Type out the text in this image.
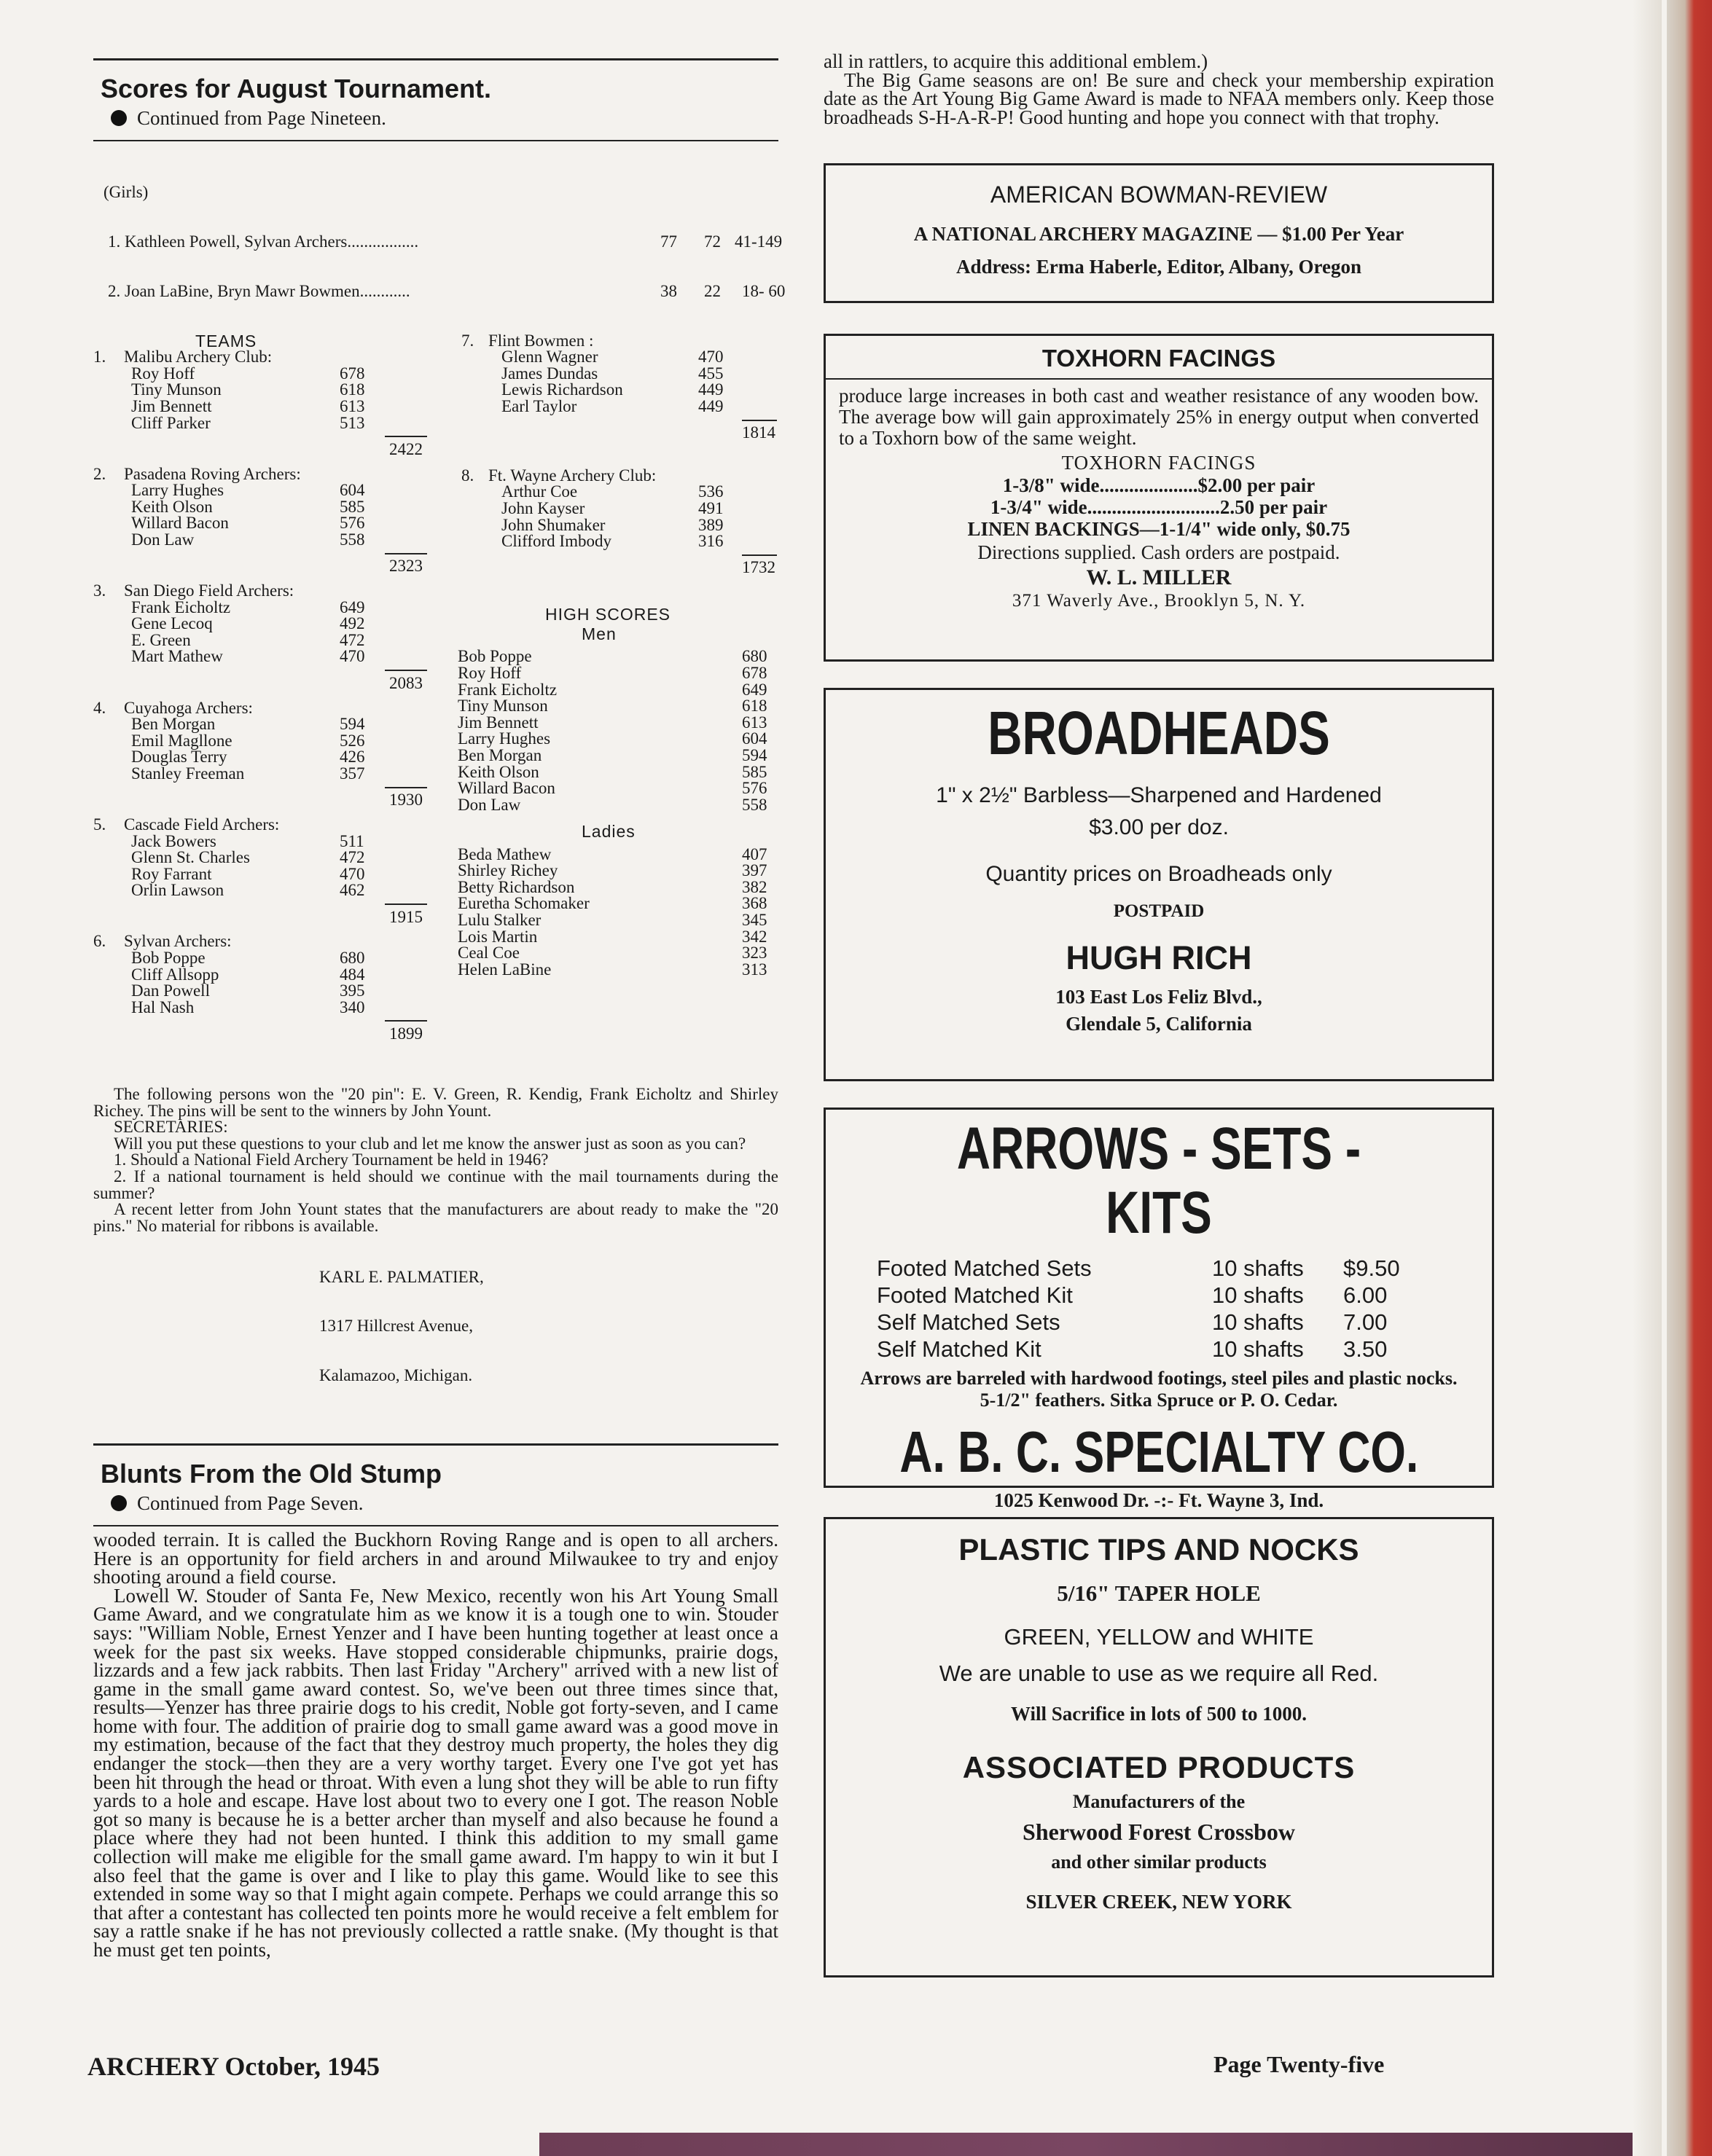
Scores for August Tournament.
Continued from Page Nineteen.

(Girls)

1. Kathleen Powell, Sylvan Archers.................	77 72 41-149

2. Joan LaBine, Bryn Mawr Bowmen............	38 22 18- 60

TEAMS
1. Malibu Archery Club:
Roy Hoff	678
Tiny Munson	618
Jim Bennett	613
Cliff Parker	513
2422
2. Pasadena Roving Archers:
Larry Hughes	604
Keith Olson	585
Willard Bacon	576
Don Law	558
2323
3. San Diego Field Archers:
Frank Eicholtz	649
Gene Lecoq	492
E. Green	472
Mart Mathew	470
2083
4. Cuyahoga Archers:
Ben Morgan	594
Emil Magllone	526
Douglas Terry	426
Stanley Freeman	357
1930
5. Cascade Field Archers:
Jack Bowers	511
Glenn St. Charles	472
Roy Farrant	470
Orlin Lawson	462
1915
6. Sylvan Archers:
Bob Poppe	680
Cliff Allsopp	484
Dan Powell	395
Hal Nash	340
1899
7. Flint Bowmen :
Glenn Wagner	470
James Dundas	455
Lewis Richardson	449
Earl Taylor	449
1814
8. Ft. Wayne Archery Club:
Arthur Coe	536
John Kayser	491
John Shumaker	389
Clifford Imbody	316
1732
HIGH SCORES
Men
Bob Poppe	680
Roy Hoff	678
Frank Eicholtz	649
Tiny Munson	618
Jim Bennett	613
Larry Hughes	604
Ben Morgan	594
Keith Olson	585
Willard Bacon	576
Don Law	558
Ladies
Beda Mathew	407
Shirley Richey	397
Betty Richardson	382
Euretha Schomaker	368
Lulu Stalker	345
Lois Martin	342
Ceal Coe	323
Helen LaBine	313

The following persons won the "20 pin": E. V. Green, R. Kendig, Frank Eicholtz and Shirley Richey. The pins will be sent to the winners by John Yount.
SECRETARIES:
Will you put these questions to your club and let me know the answer just as soon as you can?
1. Should a National Field Archery Tournament be held in 1946?
2. If a national tournament is held should we continue with the mail tournaments during the summer?
A recent letter from John Yount states that the manufacturers are about ready to make the "20 pins." No material for ribbons is available.

KARL E. PALMATIER,

1317 Hillcrest Avenue,

Kalamazoo, Michigan.

Blunts From the Old Stump
Continued from Page Seven.

wooded terrain. It is called the Buckhorn Roving Range and is open to all archers. Here is an opportunity for field archers in and around Milwaukee to try and enjoy shooting around a field course.

Lowell W. Stouder of Santa Fe, New Mexico, recently won his Art Young Small Game Award, and we congratulate him as we know it is a tough one to win. Stouder says: "William Noble, Ernest Yenzer and I have been hunting together at least once a week for the past six weeks. Have stopped considerable chipmunks, prairie dogs, lizzards and a few jack rabbits. Then last Friday "Archery" arrived with a new list of game in the small game award contest. So, we've been out three times since that, results—Yenzer has three prairie dogs to his credit, Noble got forty-seven, and I came home with four. The addition of prairie dog to small game award was a good move in my estimation, because of the fact that they destroy much property, the holes they dig endanger the stock—then they are a very worthy target. Every one I've got yet has been hit through the head or throat. With even a lung shot they will be able to run fifty yards to a hole and escape. Have lost about two to every one I got. The reason Noble got so many is because he is a better archer than myself and also because he found a place where they had not been hunted. I think this addition to my small game collection will make me eligible for the small game award. I'm happy to win it but I also feel that the game is over and I like to play this game. Would like to see this extended in some way so that I might again compete. Perhaps we could arrange this so that after a contestant has collected ten points more he would receive a felt emblem for say a rattle snake if he has not previously collected a rattle snake. (My thought is that he must get ten points,

all in rattlers, to acquire this additional emblem.)

The Big Game seasons are on! Be sure and check your membership expiration date as the Art Young Big Game Award is made to NFAA members only. Keep those broadheads S-H-A-R-P! Good hunting and hope you connect with that trophy.

AMERICAN BOWMAN-REVIEW
A NATIONAL ARCHERY MAGAZINE — $1.00 Per Year
Address: Erma Haberle, Editor, Albany, Oregon
TOXHORN FACINGS
produce large increases in both cast and weather resistance of any wooden bow. The average bow will gain approximately 25% in energy output when converted to a Toxhorn bow of the same weight.
TOXHORN FACINGS
1-3/8" wide....................$2.00 per pair
1-3/4" wide...........................2.50 per pair
LINEN BACKINGS—1-1/4" wide only, $0.75
Directions supplied. Cash orders are postpaid.
W. L. MILLER
371 Waverly Ave., Brooklyn 5, N. Y.
BROADHEADS
1" x 2½" Barbless—Sharpened and Hardened
$3.00 per doz.
Quantity prices on Broadheads only
POSTPAID
HUGH RICH
103 East Los Feliz Blvd.,
Glendale 5, California
ARROWS - SETS - KITS
Footed Matched Sets	10 shafts $9.50
Footed Matched Kit	10 shafts 6.00
Self Matched Sets	10 shafts 7.00
Self Matched Kit	10 shafts 3.50
Arrows are barreled with hardwood footings, steel piles and plastic nocks. 5-1/2" feathers. Sitka Spruce or P. O. Cedar.
A. B. C. SPECIALTY CO.
1025 Kenwood Dr. -:- Ft. Wayne 3, Ind.
PLASTIC TIPS AND NOCKS
5/16" TAPER HOLE
GREEN, YELLOW and WHITE
We are unable to use as we require all Red.
Will Sacrifice in lots of 500 to 1000.
ASSOCIATED PRODUCTS
Manufacturers of the
Sherwood Forest Crossbow
and other similar products
SILVER CREEK, NEW YORK
ARCHERY October, 1945	Page Twenty-five
